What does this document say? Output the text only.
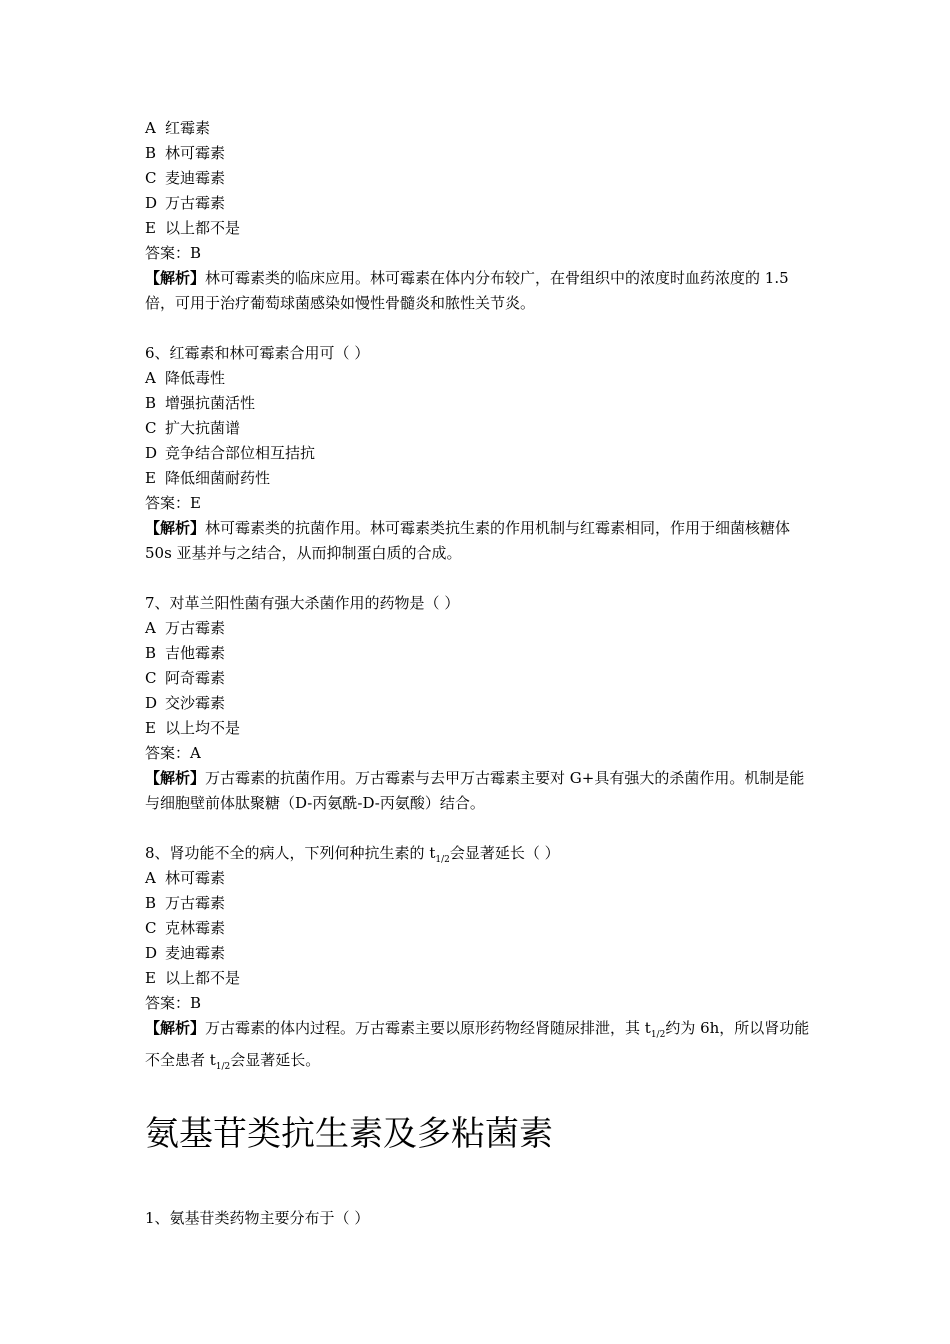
A 红霉素
B 林可霉素
C 麦迪霉素
D 万古霉素
E 以上都不是
答案：B
【解析】林可霉素类的临床应用。林可霉素在体内分布较广，在骨组织中的浓度时血药浓度的 1.5 倍，可用于治疗葡萄球菌感染如慢性骨髓炎和脓性关节炎。
6、红霉素和林可霉素合用可（ ）
A 降低毒性
B 增强抗菌活性
C 扩大抗菌谱
D 竞争结合部位相互拮抗
E 降低细菌耐药性
答案：E
【解析】林可霉素类的抗菌作用。林可霉素类抗生素的作用机制与红霉素相同，作用于细菌核糖体 50s 亚基并与之结合，从而抑制蛋白质的合成。
7、对革兰阳性菌有强大杀菌作用的药物是（ ）
A 万古霉素
B 吉他霉素
C 阿奇霉素
D 交沙霉素
E 以上均不是
答案：A
【解析】万古霉素的抗菌作用。万古霉素与去甲万古霉素主要对 G+具有强大的杀菌作用。机制是能与细胞壁前体肽聚糖（D-丙氨酰-D-丙氨酸）结合。
8、肾功能不全的病人，下列何种抗生素的 $t_{1/2}$会显著延长（ ）
A 林可霉素
B 万古霉素
C 克林霉素
D 麦迪霉素
E 以上都不是
答案：B
【解析】万古霉素的体内过程。万古霉素主要以原形药物经肾随尿排泄，其 $t_{1/2}$约为 6h，所以肾功能不全患者 $t_{1/2}$会显著延长。
氨基苷类抗生素及多粘菌素
1、氨基苷类药物主要分布于（ ）
